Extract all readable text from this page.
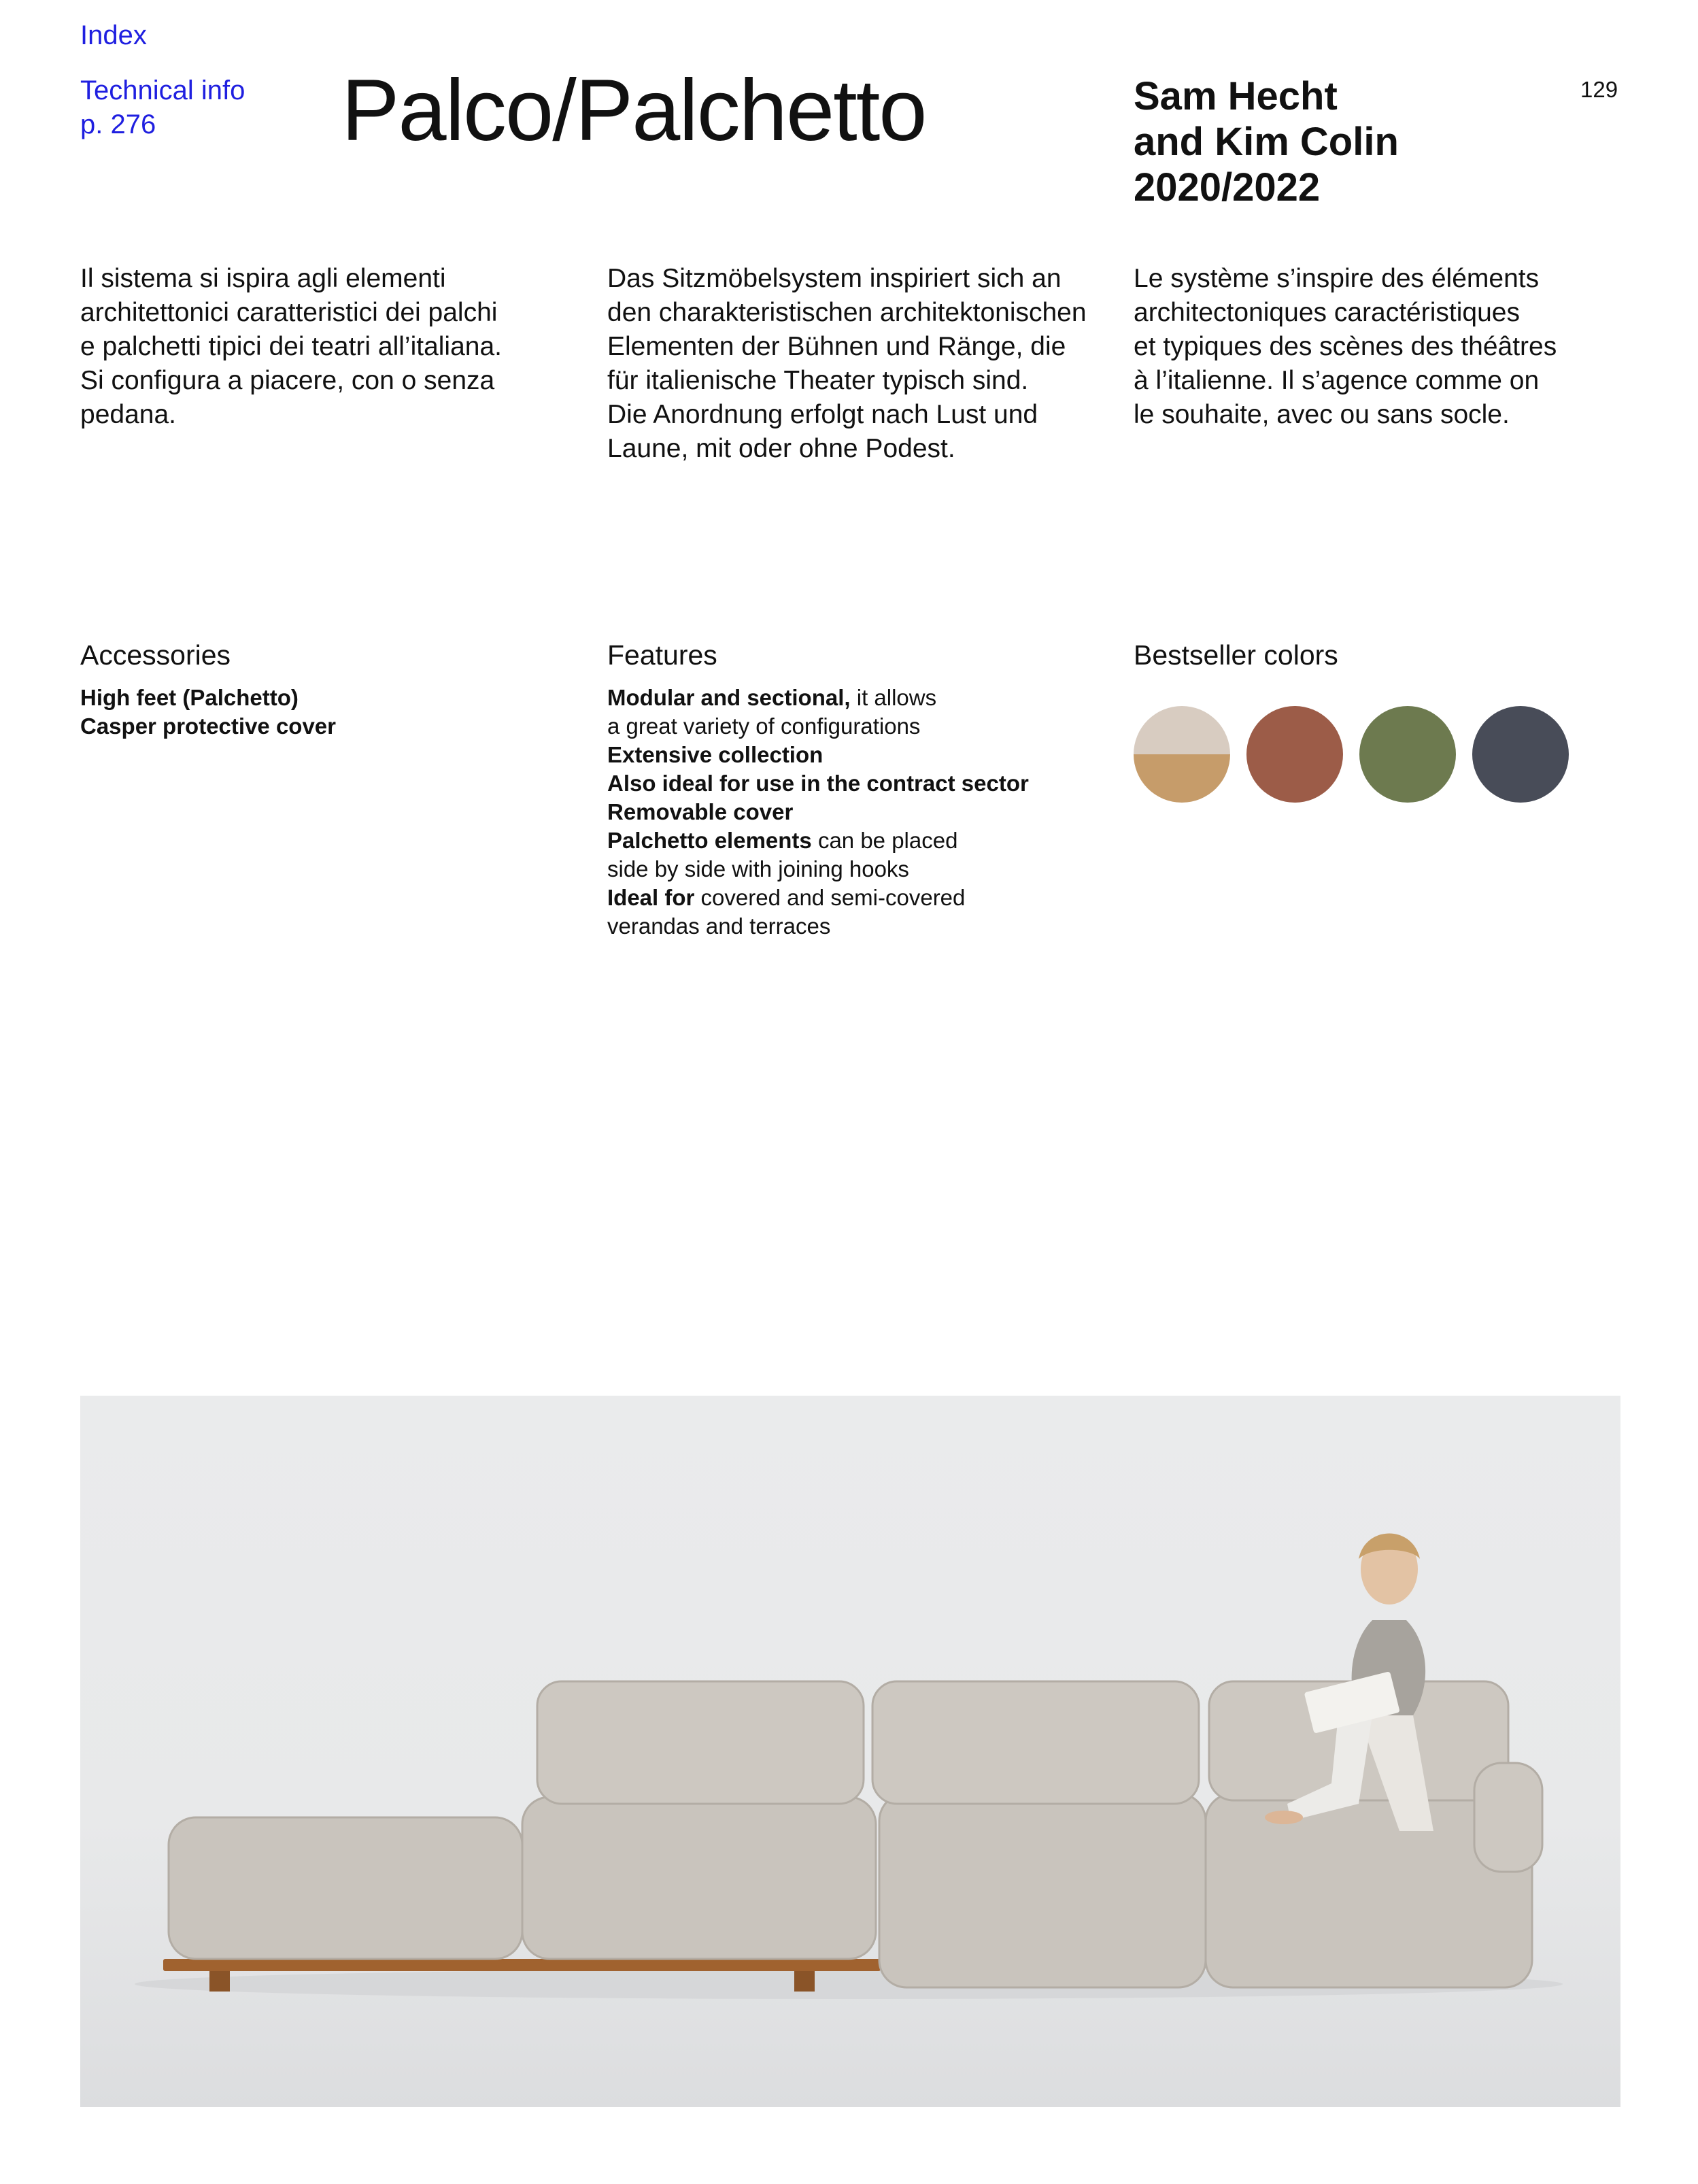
Index
Technical info
p. 276	Palco/Palchetto	Sam Hecht
and Kim Colin
2020/2022
129
Il sistema si ispira agli elementi
architettonici caratteristici dei palchi
e palchetti tipici dei teatri all’italiana.
Si configura a piacere, con o senza
pedana.
Das Sitzmöbelsystem inspiriert sich an
den charakteristischen architektonischen
Elementen der Bühnen und Ränge, die
für italienische Theater typisch sind.
Die Anordnung erfolgt nach Lust und
Laune, mit oder ohne Podest.
Le système s’inspire des éléments
architectoniques caractéristiques
et typiques des scènes des théâtres
à l’italienne. Il s’agence comme on
le souhaite, avec ou sans socle.
Accessories
High feet (Palchetto)
Casper protective cover
Features
Modular and sectional, it allows
a great variety of configurations
Extensive collection
Also ideal for use in the contract sector
Removable cover
Palchetto elements can be placed
side by side with joining hooks
Ideal for covered and semi-covered
verandas and terraces
Bestseller colors
